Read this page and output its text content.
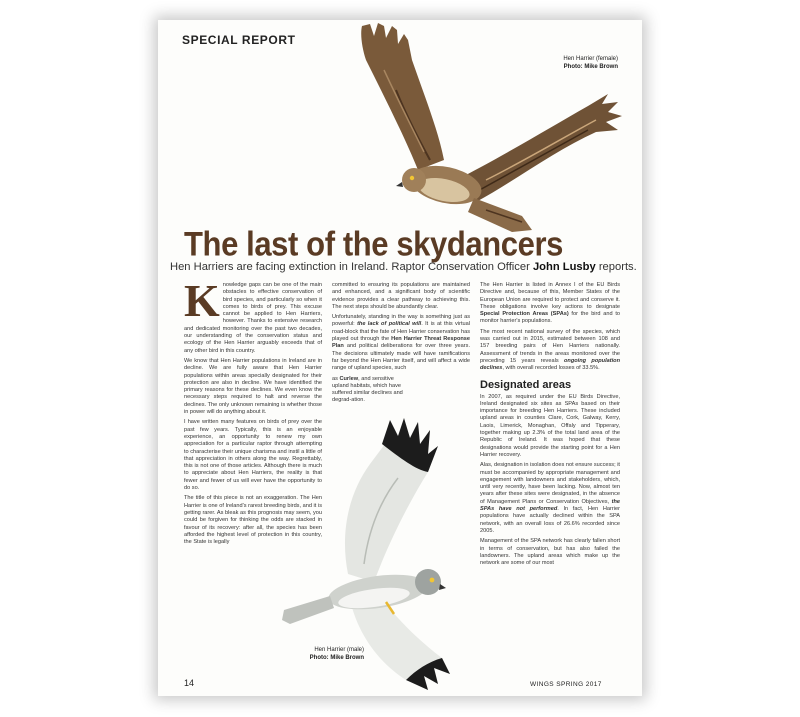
SPECIAL REPORT
Hen Harrier (female)
Photo: Mike Brown
The last of the skydancers
Hen Harriers are facing extinction in Ireland. Raptor Conservation Officer John Lusby reports.

Knowledge gaps can be one of the main obstacles to effective conservation of bird species, and particularly so when it comes to birds of prey. This excuse cannot be applied to Hen Harriers, however. Thanks to extensive research and dedicated monitoring over the past two decades, our understanding of the conservation status and ecology of the Hen Harrier arguably exceeds that of any other bird in this country.

We know that Hen Harrier populations in Ireland are in decline. We are fully aware that Hen Harrier populations within areas specially designated for their protection are also in decline. We have identified the primary reasons for these declines. We even know the necessary steps required to halt and reverse the declines. The only unknown remaining is whether those in power will do anything about it.

I have written many features on birds of prey over the past few years. Typically, this is an enjoyable experience, an opportunity to renew my own appreciation for a particular raptor through attempting to characterise their unique charisma and instil a little of that appreciation in others along the way. Regrettably, this is not one of those articles. Although there is much to appreciate about Hen Harriers, the reality is that fewer and fewer of us will ever have the opportunity to do so.

The title of this piece is not an exaggeration. The Hen Harrier is one of Ireland's rarest breeding birds, and it is getting rarer. As bleak as this prognosis may seem, you could be forgiven for thinking the odds are stacked in favour of its recovery: after all, the species has been afforded the highest level of protection in this country, the State is legally

committed to ensuring its populations are maintained and enhanced, and a significant body of scientific evidence provides a clear pathway to achieving this. The next steps should be abundantly clear.

Unfortunately, standing in the way is something just as powerful: the lack of political will. It is at this virtual road-block that the fate of Hen Harrier conservation has played out through the Hen Harrier Threat Response Plan and political deliberations for over three years. The decisions ultimately made will have ramifications far beyond the Hen Harrier itself, and will affect a wide range of upland species, such

as Curlew, and sensitive upland habitats, which have suffered similar declines and degrad-ation.

The Hen Harrier is listed in Annex I of the EU Birds Directive and, because of this, Member States of the European Union are required to protect and conserve it. These obligations involve key actions to designate Special Protection Areas (SPAs) for the bird and to monitor harrier's populations.

The most recent national survey of the species, which was carried out in 2015, estimated between 108 and 157 breeding pairs of Hen Harriers nationally. Assessment of trends in the areas monitored over the preceding 15 years reveals ongoing population declines, with overall recorded losses of 33.5%.

Designated areas

In 2007, as required under the EU Birds Directive, Ireland designated six sites as SPAs based on their importance for breeding Hen Harriers. These included upland areas in counties Clare, Cork, Galway, Kerry, Laois, Limerick, Monaghan, Offaly and Tipperary, together making up 2.3% of the total land area of the Republic of Ireland. It was hoped that these designations would provide the starting point for a Hen Harrier recovery.

Alas, designation in isolation does not ensure success; it must be accompanied by appropriate management and engagement with landowners and stakeholders, which, until very recently, have been lacking. Now, almost ten years after these sites were designated, in the absence of Management Plans or Conservation Objectives, the SPAs have not performed. In fact, Hen Harrier populations have actually declined within the SPA network, with an overall loss of 26.6% recorded since 2005.

Management of the SPA network has clearly fallen short in terms of conservation, but has also failed the landowners. The upland areas which make up the network are some of our most

Hen Harrier (male)
Photo: Mike Brown
14	WINGS SPRING 2017
